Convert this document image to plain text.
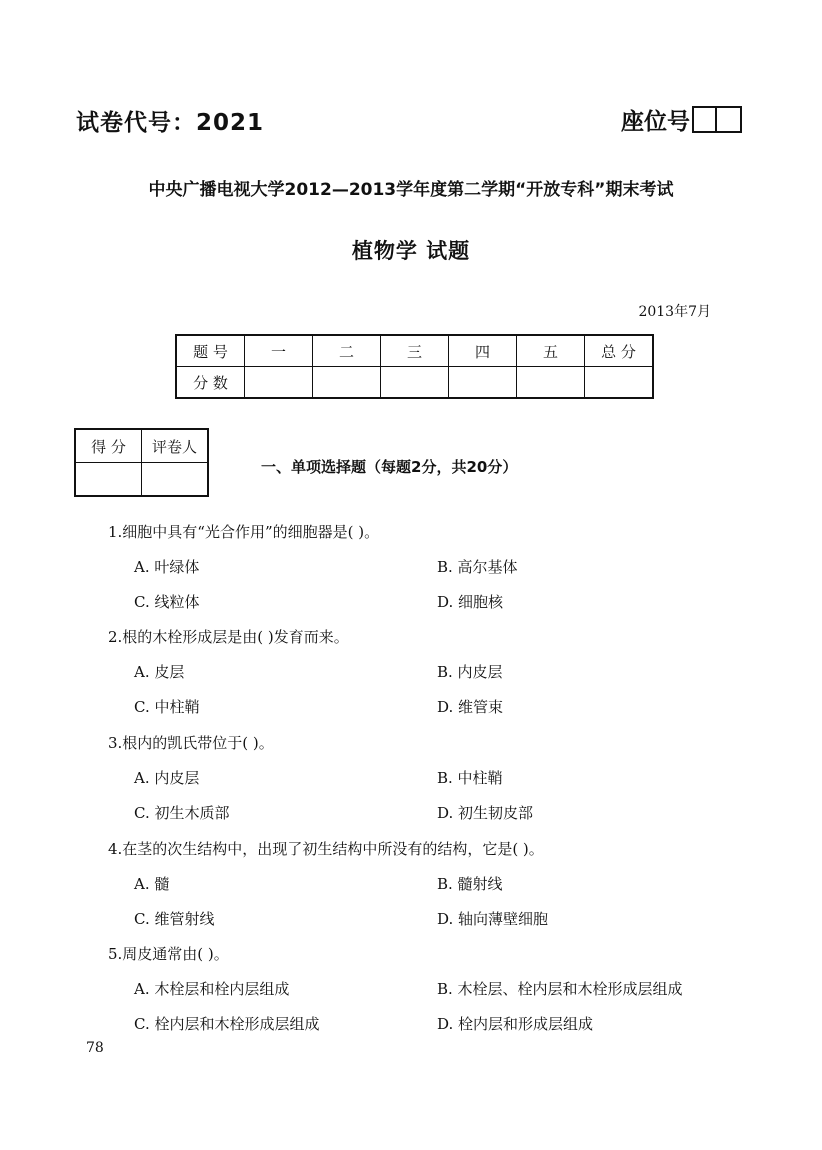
试卷代号：2021	座位号
中央广播电视大学2012—2013学年度第二学期“开放专科”期末考试
植物学 试题
2013年7月
题 号	一	二	三	四	五	总 分
分 数						
得 分	评卷人

一、单项选择题（每题2分，共20分）
1.细胞中具有“光合作用”的细胞器是( )。
A. 叶绿体	B. 高尔基体
C. 线粒体	D. 细胞核
2.根的木栓形成层是由( )发育而来。
A. 皮层	B. 内皮层
C. 中柱鞘	D. 维管束
3.根内的凯氏带位于( )。
A. 内皮层	B. 中柱鞘
C. 初生木质部	D. 初生韧皮部
4.在茎的次生结构中，出现了初生结构中所没有的结构，它是( )。
A. 髓	B. 髓射线
C. 维管射线	D. 轴向薄壁细胞
5.周皮通常由( )。
A. 木栓层和栓内层组成	B. 木栓层、栓内层和木栓形成层组成
C. 栓内层和木栓形成层组成	D. 栓内层和形成层组成
78
